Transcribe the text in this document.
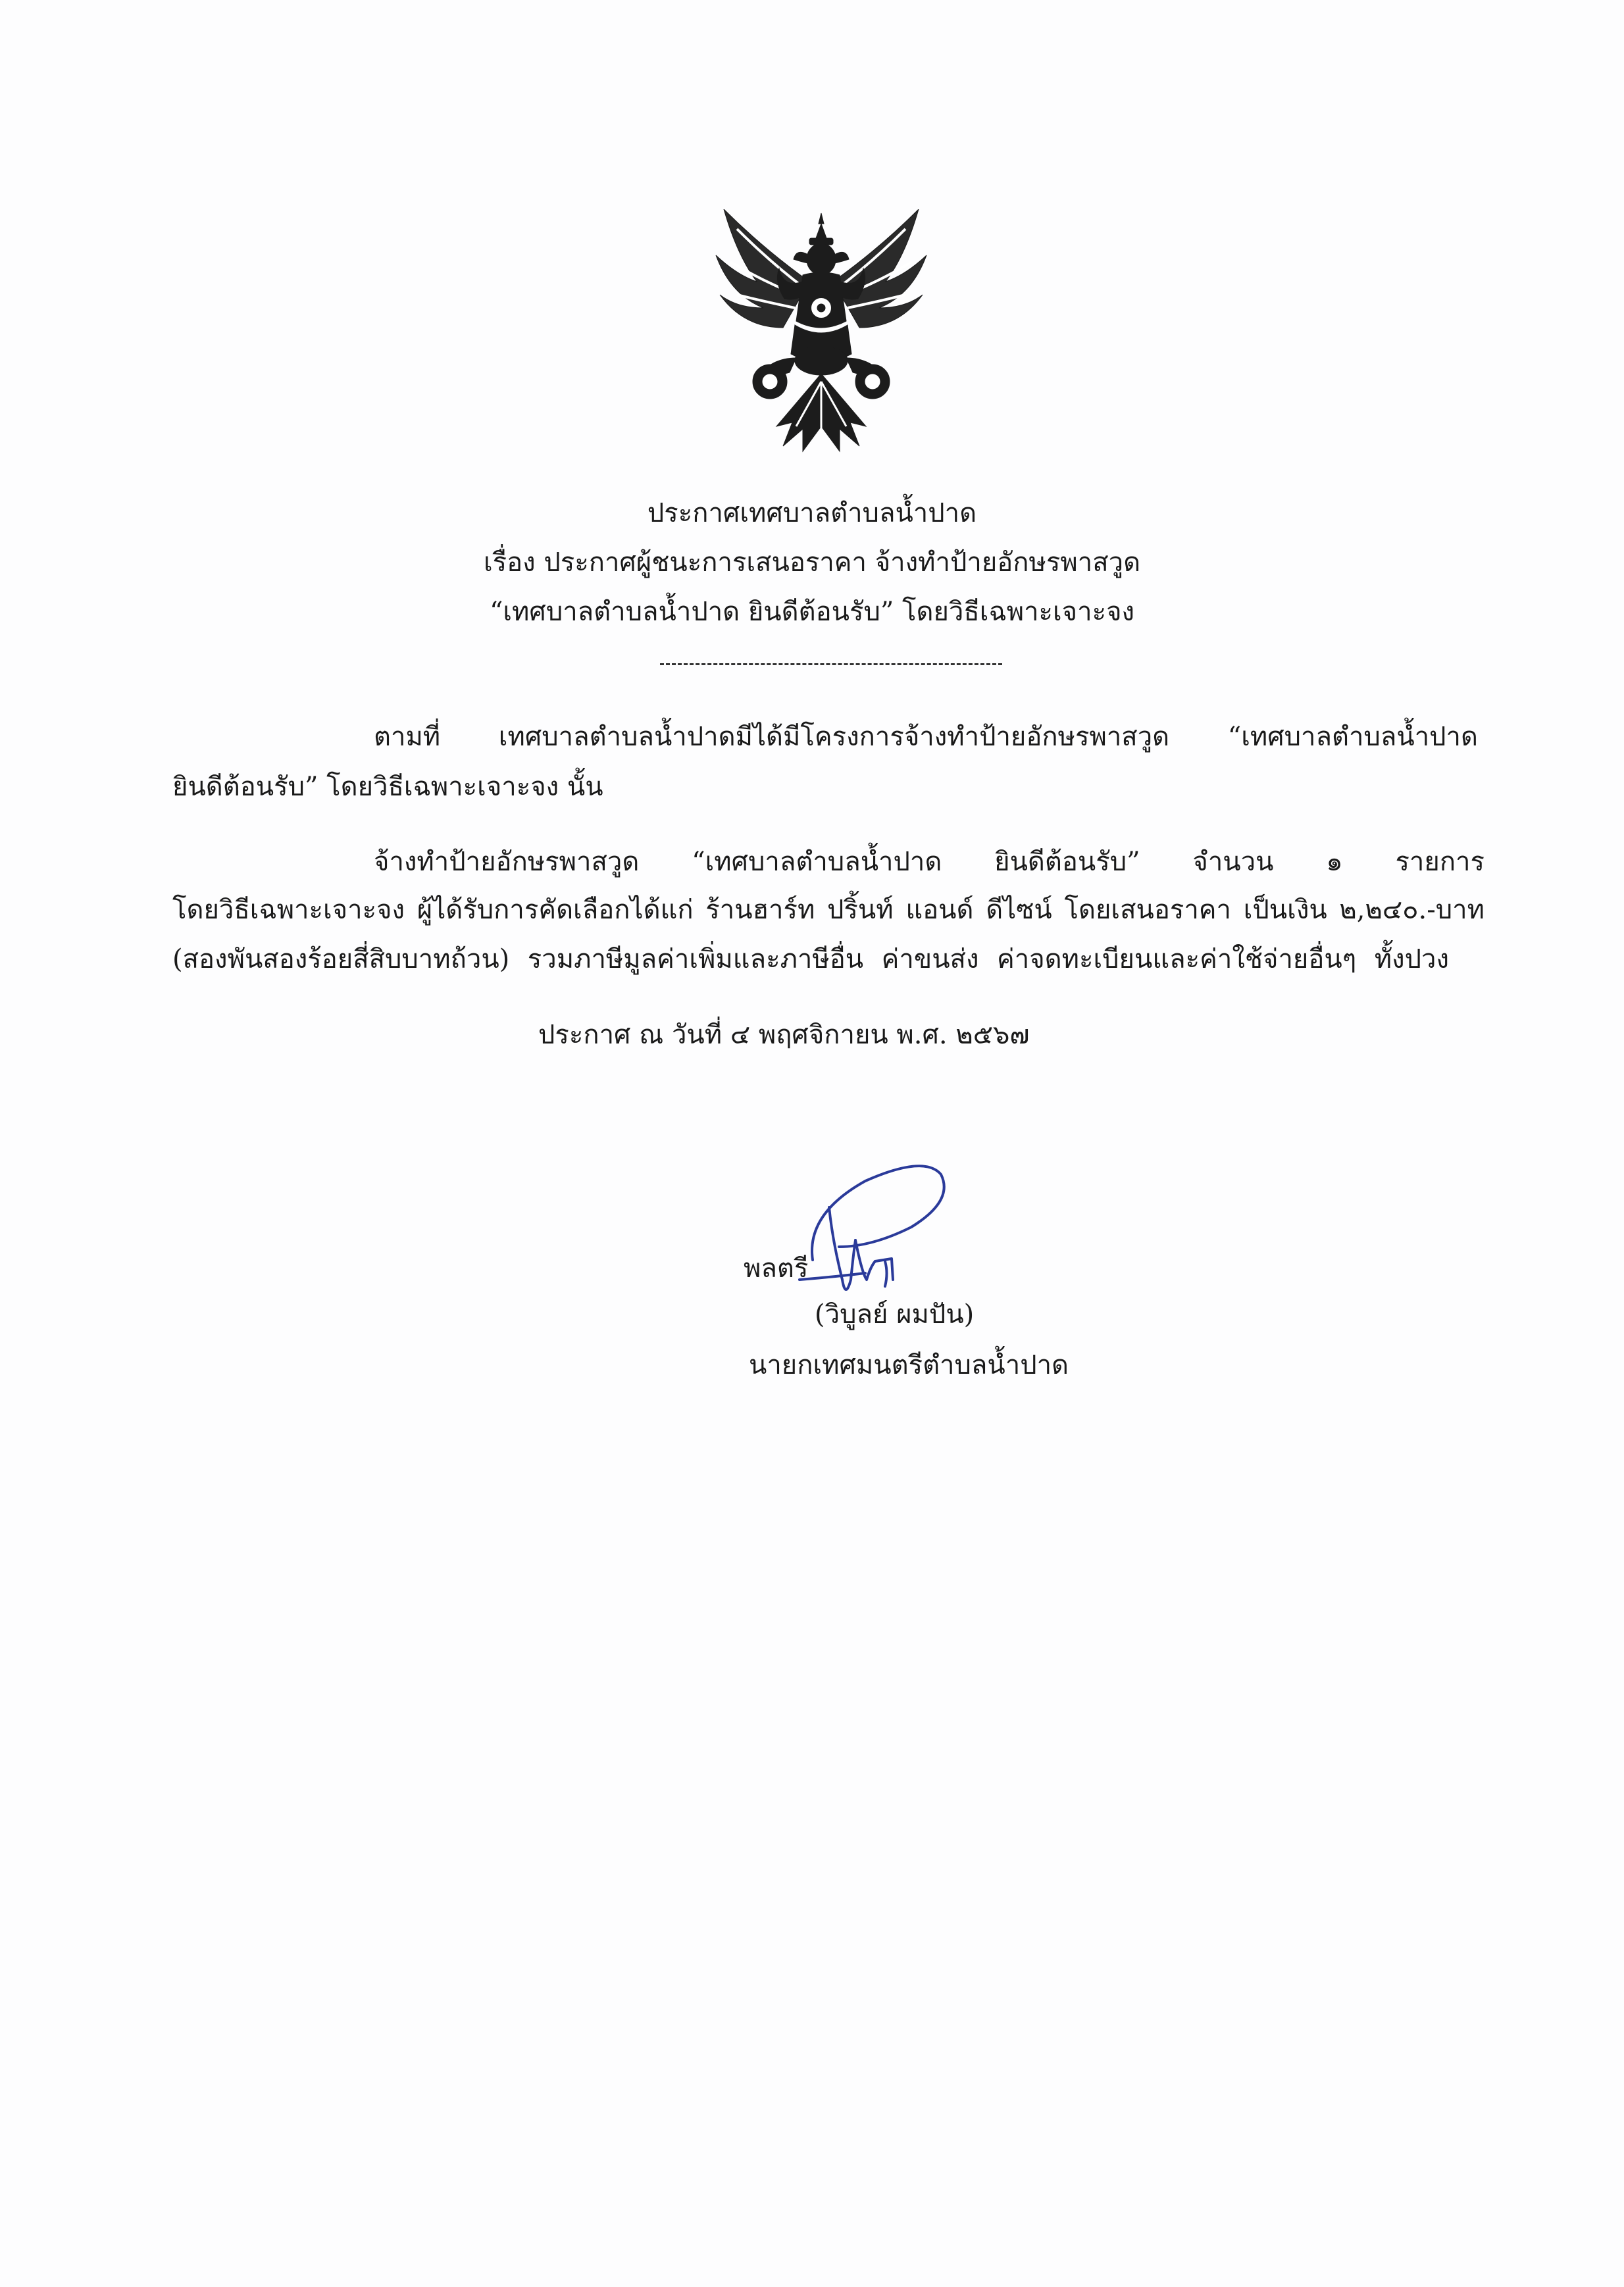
ประกาศเทศบาลตำบลน้ำปาด
เรื่อง ประกาศผู้ชนะการเสนอราคา จ้างทำป้ายอักษรพาสวูด
“เทศบาลตำบลน้ำปาด ยินดีต้อนรับ” โดยวิธีเฉพาะเจาะจง
ตามที่ เทศบาลตำบลน้ำปาดมีได้มีโครงการจ้างทำป้ายอักษรพาสวูด “เทศบาลตำบลน้ำปาด
ยินดีต้อนรับ” โดยวิธีเฉพาะเจาะจง นั้น
จ้างทำป้ายอักษรพาสวูด “เทศบาลตำบลน้ำปาด ยินดีต้อนรับ” จำนวน ๑ รายการ
โดยวิธีเฉพาะเจาะจง ผู้ได้รับการคัดเลือกได้แก่ ร้านฮาร์ท ปริ้นท์ แอนด์ ดีไซน์ โดยเสนอราคา เป็นเงิน ๒,๒๔๐.-บาท
(สองพันสองร้อยสี่สิบบาทถ้วน) รวมภาษีมูลค่าเพิ่มและภาษีอื่น ค่าขนส่ง ค่าจดทะเบียนและค่าใช้จ่ายอื่นๆ ทั้งปวง
ประกาศ ณ วันที่ ๔ พฤศจิกายน พ.ศ. ๒๕๖๗
พลตรี
(วิบูลย์ ผมปัน)
นายกเทศมนตรีตำบลน้ำปาด
